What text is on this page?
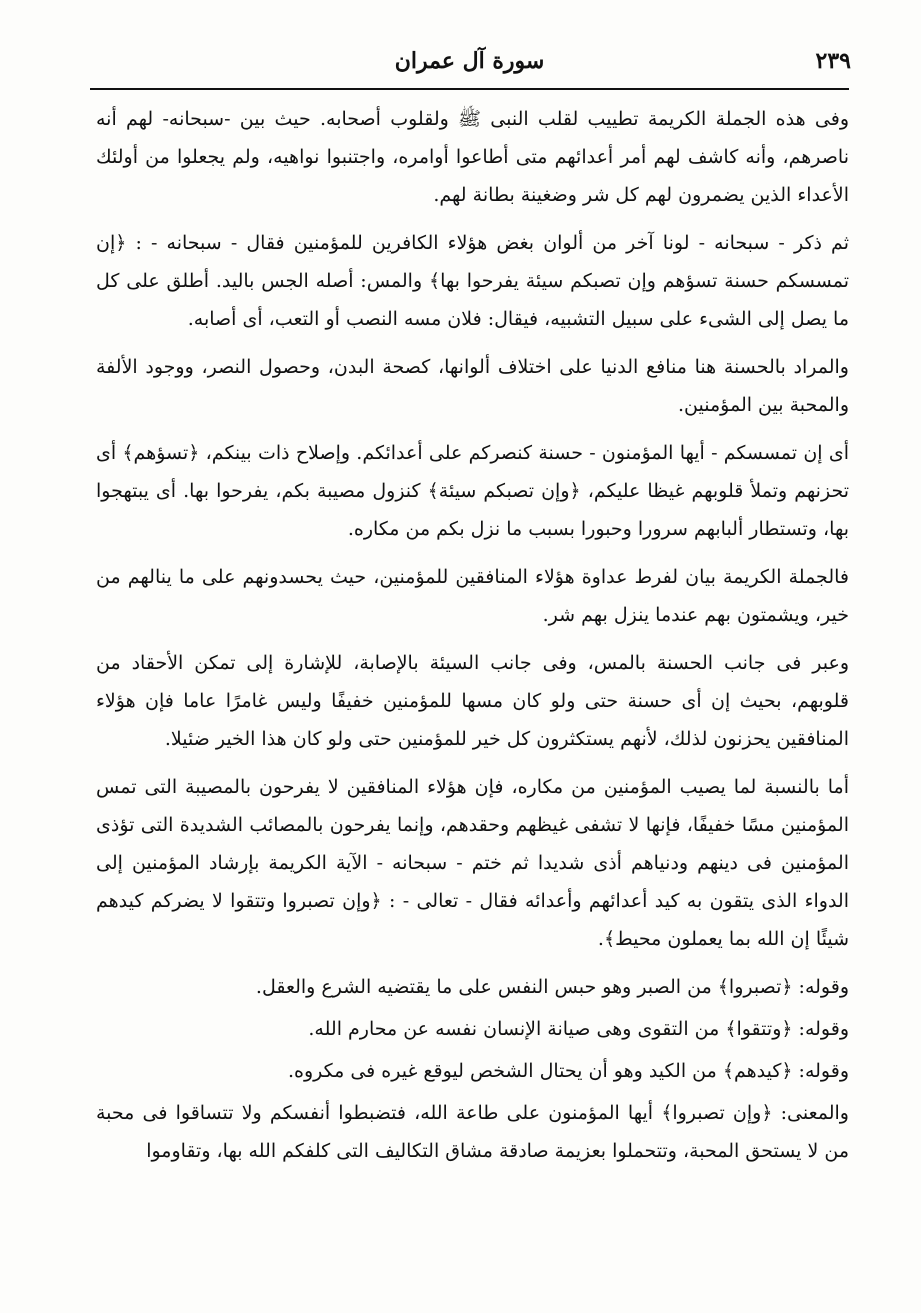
سورة آل عمران	٢٣٩

وفى هذه الجملة الكريمة تطييب لقلب النبى ﷺ ولقلوب أصحابه. حيث بين -سبحانه- لهم أنه ناصرهم، وأنه كاشف لهم أمر أعدائهم متى أطاعوا أوامره، واجتنبوا نواهيه، ولم يجعلوا من أولئك الأعداء الذين يضمرون لهم كل شر وضغينة بطانة لهم.

ثم ذكر - سبحانه - لونا آخر من ألوان بغض هؤلاء الكافرين للمؤمنين فقال - سبحانه - : ﴿إن تمسسكم حسنة تسؤهم وإن تصبكم سيئة يفرحوا بها﴾ والمس: أصله الجس باليد. أطلق على كل ما يصل إلى الشىء على سبيل التشبيه، فيقال: فلان مسه النصب أو التعب، أى أصابه.

والمراد بالحسنة هنا منافع الدنيا على اختلاف ألوانها، كصحة البدن، وحصول النصر، ووجود الألفة والمحبة بين المؤمنين.

أى إن تمسسكم - أيها المؤمنون - حسنة كنصركم على أعدائكم. وإصلاح ذات بينكم، ﴿تسؤهم﴾ أى تحزنهم وتملأ قلوبهم غيظا عليكم، ﴿وإن تصبكم سيئة﴾ كنزول مصيبة بكم، يفرحوا بها. أى يبتهجوا بها، وتستطار ألبابهم سرورا وحبورا بسبب ما نزل بكم من مكاره.

فالجملة الكريمة بيان لفرط عداوة هؤلاء المنافقين للمؤمنين، حيث يحسدونهم على ما ينالهم من خير، ويشمتون بهم عندما ينزل بهم شر.

وعبر فى جانب الحسنة بالمس، وفى جانب السيئة بالإصابة، للإشارة إلى تمكن الأحقاد من قلوبهم، بحيث إن أى حسنة حتى ولو كان مسها للمؤمنين خفيفًا وليس غامرًا عاما فإن هؤلاء المنافقين يحزنون لذلك، لأنهم يستكثرون كل خير للمؤمنين حتى ولو كان هذا الخير ضئيلا.

أما بالنسبة لما يصيب المؤمنين من مكاره، فإن هؤلاء المنافقين لا يفرحون بالمصيبة التى تمس المؤمنين مسًا خفيفًا، فإنها لا تشفى غيظهم وحقدهم، وإنما يفرحون بالمصائب الشديدة التى تؤذى المؤمنين فى دينهم ودنياهم أذى شديدا ثم ختم - سبحانه - الآية الكريمة بإرشاد المؤمنين إلى الدواء الذى يتقون به كيد أعدائهم وأعدائه فقال - تعالى - : ﴿وإن تصبروا وتتقوا لا يضركم كيدهم شيئًا إن الله بما يعملون محيط﴾.

وقوله: ﴿تصبروا﴾ من الصبر وهو حبس النفس على ما يقتضيه الشرع والعقل.

وقوله: ﴿وتتقوا﴾ من التقوى وهى صيانة الإنسان نفسه عن محارم الله.

وقوله: ﴿كيدهم﴾ من الكيد وهو أن يحتال الشخص ليوقع غيره فى مكروه.

والمعنى: ﴿وإن تصبروا﴾ أيها المؤمنون على طاعة الله، فتضبطوا أنفسكم ولا تتساقوا فى محبة من لا يستحق المحبة، وتتحملوا بعزيمة صادقة مشاق التكاليف التى كلفكم الله بها، وتقاوموا
